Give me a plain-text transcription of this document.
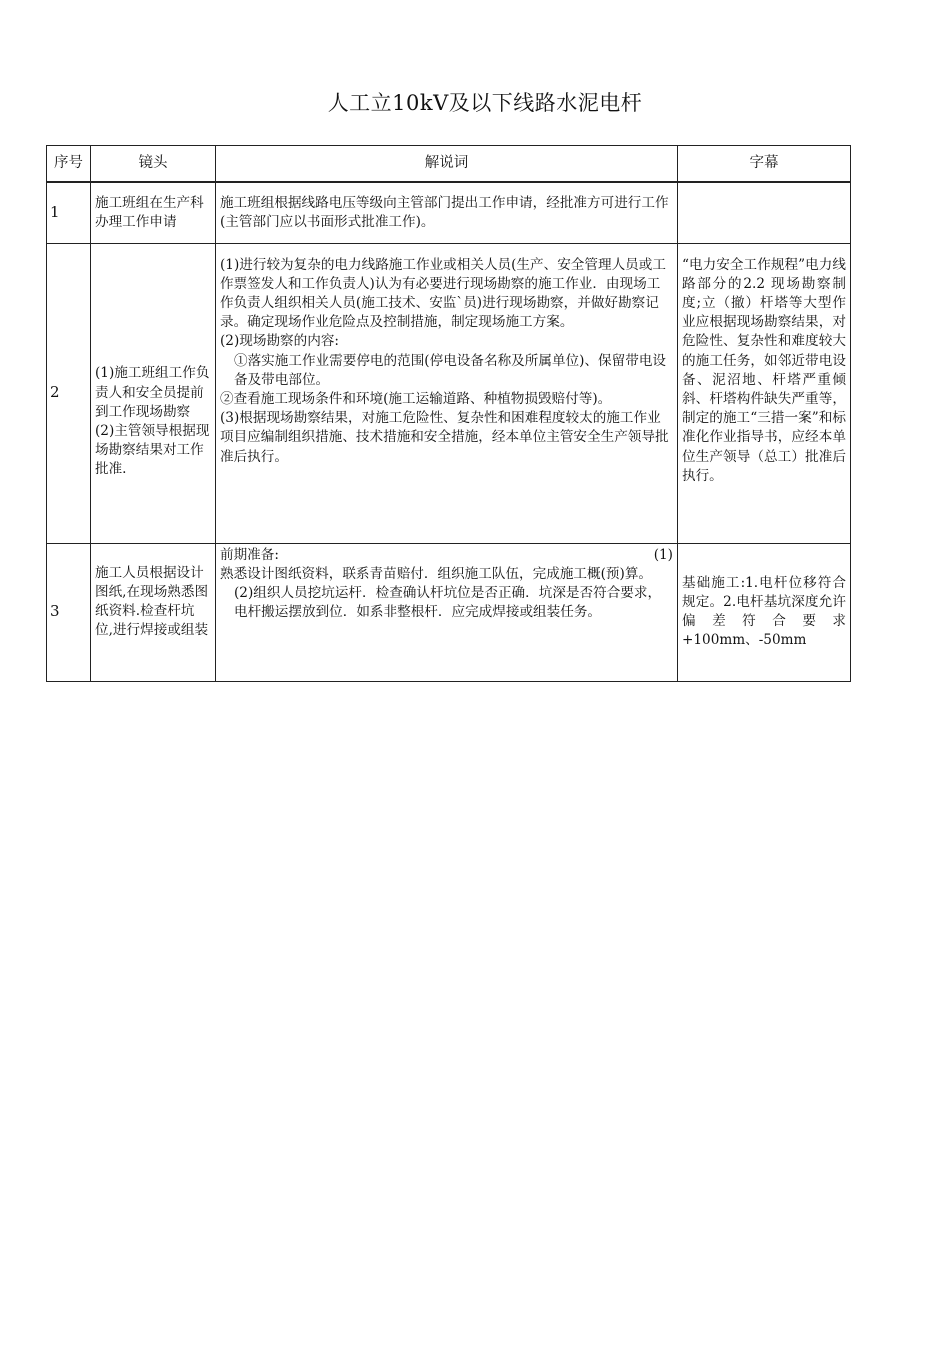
人工立10kV及以下线路水泥电杆
序号	镜头	解说词	字幕
1	施工班组在生产科办理工作申请	施工班组根据线路电压等级向主管部门提出工作申请，经批准方可进行工作(主管部门应以书面形式批准工作)。	

2	(1)施工班组工作负责人和安全员提前到工作现场勘察 (2)主管领导根据现场勘察结果对工作批准.	(1)进行较为复杂的电力线路施工作业或相关人员(生产、安全管理人员或工作票签发人和工作负责人)认为有必要进行现场勘察的施工作业．由现场工作负责人组织相关人员(施工技术、安监`员)进行现场勘察，并做好勘察记录。确定现场作业危险点及控制措施，制定现场施工方案。

(2)现场勘察的内容:

①落实施工作业需要停电的范围(停电设备名称及所属单位)、保留带电设备及带电部位。

②查看施工现场条件和环境(施工运输道路、种植物损毁赔付等)。

(3)根据现场勘察结果，对施工危险性、复杂性和困难程度较太的施工作业项目应编制组织措施、技术措施和安全措施，经本单位主管安全生产领导批准后执行。	“电力安全工作规程”电力线路部分的2.2 现场勘察制度;立（撤）杆塔等大型作业应根据现场勘察结果，对危险性、复杂性和难度较大的施工任务，如邻近带电设备、泥沼地、杆塔严重倾斜、杆塔构件缺失严重等，制定的施工“三措一案”和标准化作业指导书，应经本单位生产领导（总工）批准后执行。
3	施工人员根据设计图纸,在现场熟悉图纸资料.检查杆坑位,进行焊接或组装	前期准备: (1)

熟悉设计图纸资料，联系青苗赔付．组织施工队伍，完成施工概(预)算。

(2)组织人员挖坑运杆．检查确认杆坑位是否正确．坑深是否符合要求，电杆搬运摆放到位．如系非整根杆．应完成焊接或组装任务。	基础施工:1.电杆位移符合规定。2.电杆基坑深度允许偏差符合要求+100mm、-50mm
